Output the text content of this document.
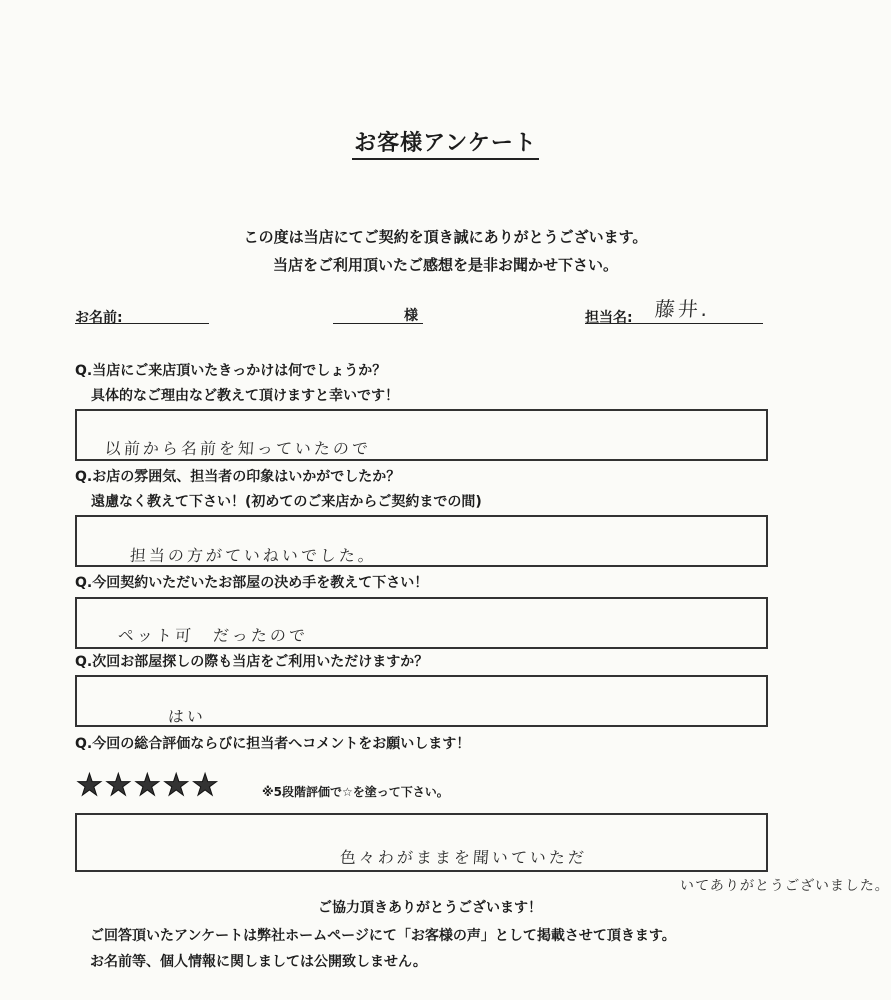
お客様アンケート
この度は当店にてご契約を頂き誠にありがとうございます。
当店をご利用頂いたご感想を是非お聞かせ下さい。
お名前:	様	担当名: 藤井.
Q.当店にご来店頂いたきっかけは何でしょうか？
具体的なご理由など教えて頂けますと幸いです！
以前から名前を知っていたので
Q.お店の雰囲気、担当者の印象はいかがでしたか？
遠慮なく教えて下さい！(初めてのご来店からご契約までの間)
担当の方がていねいでした。
Q.今回契約いただいたお部屋の決め手を教えて下さい！
ペット可　だったので
Q.次回お部屋探しの際も当店をご利用いただけますか？
はい
Q.今回の総合評価ならびに担当者へコメントをお願いします！
★★★★★	※5段階評価で☆を塗って下さい。
色々わがままを聞いていただ
いてありがとうございました。
ご協力頂きありがとうございます！
ご回答頂いたアンケートは弊社ホームページにて「お客様の声」として掲載させて頂きます。
お名前等、個人情報に関しましては公開致しません。
